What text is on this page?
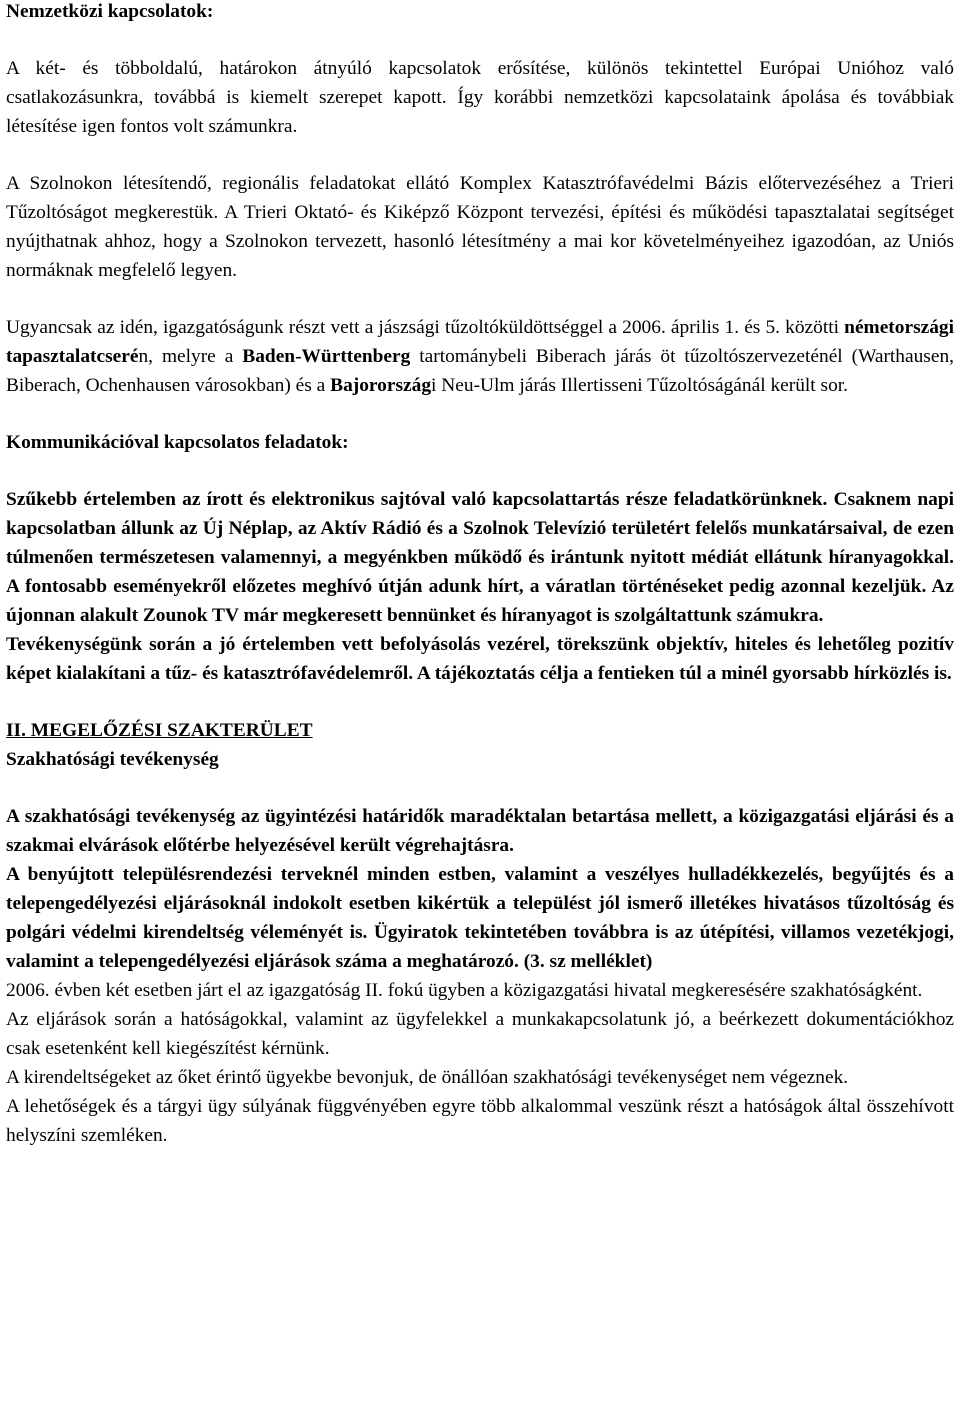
Nemzetközi kapcsolatok:

A két- és többoldalú, határokon átnyúló kapcsolatok erősítése, különös tekintettel Európai Unióhoz való csatlakozásunkra, továbbá is kiemelt szerepet kapott. Így korábbi nemzetközi kapcsolataink ápolása és továbbiak létesítése igen fontos volt számunkra.

A Szolnokon létesítendő, regionális feladatokat ellátó Komplex Katasztrófavédelmi Bázis előtervezéséhez a Trieri Tűzoltóságot megkerestük. A Trieri Oktató- és Kiképző Központ tervezési, építési és működési tapasztalatai segítséget nyújthatnak ahhoz, hogy a Szolnokon tervezett, hasonló létesítmény a mai kor követelményeihez igazodóan, az Uniós normáknak megfelelő legyen.

Ugyancsak az idén, igazgatóságunk részt vett a jászsági tűzoltóküldöttséggel a 2006. április 1. és 5. közötti németországi tapasztalatcserén, melyre a Baden-Württenberg tartománybeli Biberach járás öt tűzoltószervezeténél (Warthausen, Biberach, Ochenhausen városokban) és a Bajorországi Neu-Ulm járás Illertisseni Tűzoltóságánál került sor.

Kommunikációval kapcsolatos feladatok:

Szűkebb értelemben az írott és elektronikus sajtóval való kapcsolattartás része feladatkörünknek. Csaknem napi kapcsolatban állunk az Új Néplap, az Aktív Rádió és a Szolnok Televízió területért felelős munkatársaival, de ezen túlmenően természetesen valamennyi, a megyénkben működő és irántunk nyitott médiát ellátunk híranyagokkal. A fontosabb eseményekről előzetes meghívó útján adunk hírt, a váratlan történéseket pedig azonnal kezeljük. Az újonnan alakult Zounok TV már megkeresett bennünket és híranyagot is szolgáltattunk számukra.

Tevékenységünk során a jó értelemben vett befolyásolás vezérel, törekszünk objektív, hiteles és lehetőleg pozitív képet kialakítani a tűz- és katasztrófavédelemről. A tájékoztatás célja a fentieken túl a minél gyorsabb hírközlés is.

II. MEGELŐZÉSI SZAKTERÜLET

Szakhatósági tevékenység

A szakhatósági tevékenység az ügyintézési határidők maradéktalan betartása mellett, a közigazgatási eljárási és a szakmai elvárások előtérbe helyezésével került végrehajtásra.

A benyújtott településrendezési terveknél minden estben, valamint a veszélyes hulladékkezelés, begyűjtés és a telepengedélyezési eljárásoknál indokolt esetben kikértük a települést jól ismerő illetékes hivatásos tűzoltóság és polgári védelmi kirendeltség véleményét is. Ügyiratok tekintetében továbbra is az útépítési, villamos vezetékjogi, valamint a telepengedélyezési eljárások száma a meghatározó. (3. sz melléklet)

2006. évben két esetben járt el az igazgatóság II. fokú ügyben a közigazgatási hivatal megkeresésére szakhatóságként.

Az eljárások során a hatóságokkal, valamint az ügyfelekkel a munkakapcsolatunk jó, a beérkezett dokumentációkhoz csak esetenként kell kiegészítést kérnünk.

A kirendeltségeket az őket érintő ügyekbe bevonjuk, de önállóan szakhatósági tevékenységet nem végeznek.

A lehetőségek és a tárgyi ügy súlyának függvényében egyre több alkalommal veszünk részt a hatóságok által összehívott helyszíni szemléken.
